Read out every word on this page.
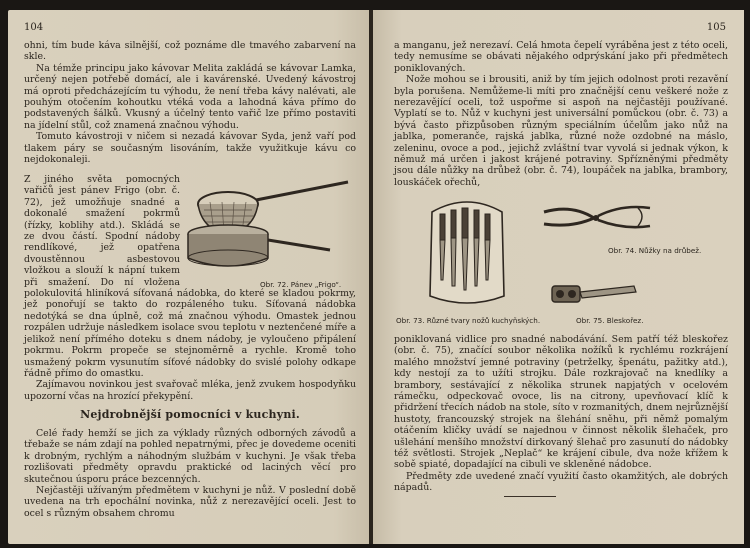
104

ohni, tím bude káva silnější, což poznáme dle tmavého zabarvení na skle.

Na témže principu jako kávovar Melita zakládá se kávovar Lamka, určený nejen potřebě domácí, ale i kavárenské. Uvedený kávostroj má oproti předcházejícím tu výhodu, že není třeba kávy nalévati, ale pouhým otočením kohoutku vtéká voda a lahodná káva přímo do podstavených šálků. Vkusný a účelný tento vařič lze přímo postaviti na jídelní stůl, což znamená značnou výhodu.

Tomuto kávostroji v ničem si nezadá kávovar Syda, jenž vaří pod tlakem páry se současným lisováním, takže využitkuje kávu co nejdokonaleji.

Obr. 72. Pánev „Frigo“.

Z jiného světa pomocných vařičů jest pánev Frigo (obr. č. 72), jež umožňuje snadné a dokonalé smažení pokrmů (řízky, koblihy atd.). Skládá se ze dvou částí. Spodní nádoby rendlíkové, jež opatřena dvoustěnnou asbestovou vložkou a slouží k nápní tukem při smažení. Do ní vložena polokulovitá hliníková síťovaná nádobka, do které se kladou pokrmy, jež ponořují se takto do rozpáleného tuku. Síťovaná nádobka nedotýká se dna úplně, což má značnou výhodu. Omastek jednou rozpálen udržuje následkem isolace svou teplotu v neztenčené míře a jelikož není přímého doteku s dnem nádoby, je vyloučeno připálení pokrmu. Pokrm propeče se stejnoměrně a rychle. Kromě toho usmažený pokrm vysunutím síťové nádobky do svislé polohy odkape řádně přímo do omastku.

Zajímavou novinkou jest svařovač mléka, jenž zvukem hospodyňku upozorní včas na hrozící překypění.

Nejdrobnější pomocníci v kuchyni.

Celé řady hemží se jich za výklady různých odborných závodů a třebaže se nám zdají na pohled nepatrnými, přec je dovedeme oceniti k drobným, rychlým a náhodným službám v kuchyni. Je však třeba rozlišovati předměty opravdu praktické od laciných věcí pro skutečnou úsporu práce bezcenných.

Nejčastěji užívaným předmětem v kuchyni je nůž. V poslední době uvedena na trh epochální novinka, nůž z nerezavějící oceli. Jest to ocel s různým obsahem chromu

105

a manganu, jež nerezaví. Celá hmota čepelí vyráběna jest z této oceli, tedy nemusíme se obávati nějakého odprýskání jako při předmětech poniklovaných.

Nože mohou se i brousiti, aniž by tím jejich odolnost proti rezavění byla porušena. Nemůžeme-li míti pro značnější cenu veškeré nože z nerezavějící oceli, tož uspořme si aspoň na nejčastěji používané. Vyplatí se to. Nůž v kuchyni jest universální pomůckou (obr. č. 73) a bývá často přizpůsoben různým speciálním účelům jako nůž na jablka, pomeranče, rajská jablka, různé nože ozdobné na máslo, zeleninu, ovoce a pod., jejichž zvláštní tvar vyvolá si jednak výkon, k němuž má určen i jakost krájené potraviny. Spřízněnými předměty jsou dále nůžky na drůbež (obr. č. 74), loupáček na jablka, brambory, louskáček ořechů,

Obr. 74. Nůžky na drůbež.
Obr. 73. Různé tvary nožů kuchyňských.	Obr. 75. Bleskořez.

poniklovaná vidlice pro snadné nabodávání. Sem patří též bleskořez (obr. č. 75), značící soubor několika nožíků k rychlému rozkrájení malého množství jemné potraviny (petrželky, špenátu, pažitky atd.), kdy nestojí za to užíti strojku. Dále rozkrajovač na knedlíky a brambory, sestávající z několika strunek napjatých v ocelovém rámečku, odpeckovač ovoce, lis na citrony, upevňovací klíč k přidržení třecích nádob na stole, síto v rozmanitých, dnem nejrůznější hustoty, francouzský strojek na šlehání sněhu, při němž pomalým otáčením kličky uvádí se najednou v činnost několik šlehaček, pro ušlehání menšího množství dirkovaný šlehač pro zasunutí do nádobky též světlosti. Strojek „Neplač“ ke krájení cibule, dva nože křížem k sobě spiaté, dopadající na cibuli ve skleněné nádobce.

Předměty zde uvedené značí využití často okamžitých, ale dobrých nápadů.
